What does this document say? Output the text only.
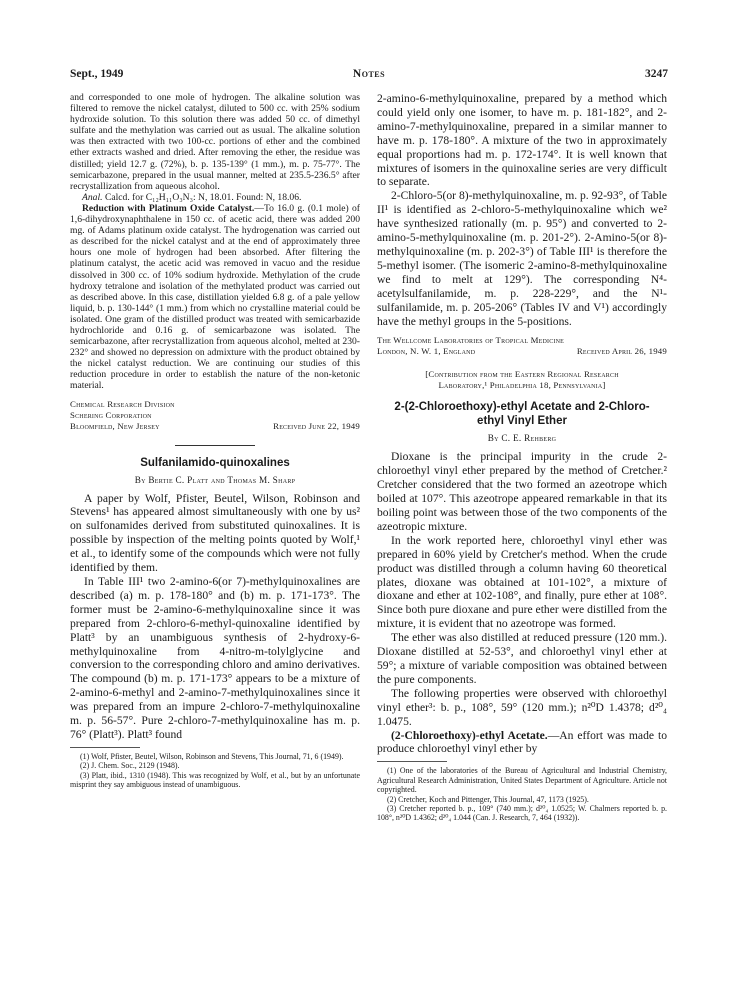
Sept., 1949	Notes	3247

and corresponded to one mole of hydrogen. The alkaline solution was filtered to remove the nickel catalyst, diluted to 500 cc. with 25% sodium hydroxide solution. To this solution there was added 50 cc. of dimethyl sulfate and the methylation was carried out as usual. The alkaline solution was then extracted with two 100-cc. portions of ether and the combined ether extracts washed and dried. After removing the ether, the residue was distilled; yield 12.7 g. (72%), b. p. 135-139° (1 mm.), m. p. 75-77°. The semicarbazone, prepared in the usual manner, melted at 235.5-236.5° after recrystallization from aqueous alcohol.

Anal. Calcd. for C₁₂H₁₁O₃N₃: N, 18.01. Found: N, 18.06.

Reduction with Platinum Oxide Catalyst.—To 16.0 g. (0.1 mole) of 1,6-dihydroxynaphthalene in 150 cc. of acetic acid, there was added 200 mg. of Adams platinum oxide catalyst. The hydrogenation was carried out as described for the nickel catalyst and at the end of approximately three hours one mole of hydrogen had been absorbed. After filtering the platinum catalyst, the acetic acid was removed in vacuo and the residue dissolved in 300 cc. of 10% sodium hydroxide. Methylation of the crude hydroxy tetralone and isolation of the methylated product was carried out as described above. In this case, distillation yielded 6.8 g. of a pale yellow liquid, b. p. 130-144° (1 mm.) from which no crystalline material could be isolated. One gram of the distilled product was treated with semicarbazide hydrochloride and 0.16 g. of semicarbazone was isolated. The semicarbazone, after recrystallization from aqueous alcohol, melted at 230-232° and showed no depression on admixture with the product obtained by the nickel catalyst reduction. We are continuing our studies of this reduction procedure in order to establish the nature of the non-ketonic material.

Chemical Research Division
Schering Corporation
Bloomfield, New Jersey	Received June 22, 1949
Sulfanilamido-quinoxalines
By Bertie C. Platt and Thomas M. Sharp

A paper by Wolf, Pfister, Beutel, Wilson, Robinson and Stevens¹ has appeared almost simultaneously with one by us² on sulfonamides derived from substituted quinoxalines. It is possible by inspection of the melting points quoted by Wolf,¹ et al., to identify some of the compounds which were not fully identified by them.

In Table III¹ two 2-amino-6(or 7)-methylquinoxalines are described (a) m. p. 178-180° and (b) m. p. 171-173°. The former must be 2-amino-6-methylquinoxaline since it was prepared from 2-chloro-6-methyl-quinoxaline identified by Platt³ by an unambiguous synthesis of 2-hydroxy-6-methylquinoxaline from 4-nitro-m-tolylglycine and conversion to the corresponding chloro and amino derivatives. The compound (b) m. p. 171-173° appears to be a mixture of 2-amino-6-methyl and 2-amino-7-methylquinoxalines since it was prepared from an impure 2-chloro-7-methylquinoxaline m. p. 56-57°. Pure 2-chloro-7-methylquinoxaline has m. p. 76° (Platt³). Platt³ found

(1) Wolf, Pfister, Beutel, Wilson, Robinson and Stevens, This Journal, 71, 6 (1949).

(2) J. Chem. Soc., 2129 (1948).

(3) Platt, ibid., 1310 (1948). This was recognized by Wolf, et al., but by an unfortunate misprint they say ambiguous instead of unambiguous.

2-amino-6-methylquinoxaline, prepared by a method which could yield only one isomer, to have m. p. 181-182°, and 2-amino-7-methylquinoxaline, prepared in a similar manner to have m. p. 178-180°. A mixture of the two in approximately equal proportions had m. p. 172-174°. It is well known that mixtures of isomers in the quinoxaline series are very difficult to separate.

2-Chloro-5(or 8)-methylquinoxaline, m. p. 92-93°, of Table II¹ is identified as 2-chloro-5-methylquinoxaline which we² have synthesized rationally (m. p. 95°) and converted to 2-amino-5-methylquinoxaline (m. p. 201-2°). 2-Amino-5(or 8)-methylquinoxaline (m. p. 202-3°) of Table III¹ is therefore the 5-methyl isomer. (The isomeric 2-amino-8-methylquinoxaline we find to melt at 129°). The corresponding N⁴-acetylsulfanilamide, m. p. 228-229°, and the N¹-sulfanilamide, m. p. 205-206° (Tables IV and V¹) accordingly have the methyl groups in the 5-positions.

The Wellcome Laboratories of Tropical Medicine
London, N. W. 1, England	Received April 26, 1949
[Contribution from the Eastern Regional Research
Laboratory,¹ Philadelphia 18, Pennsylvania]
2-(2-Chloroethoxy)-ethyl Acetate and 2-Chloro-
ethyl Vinyl Ether
By C. E. Rehberg

Dioxane is the principal impurity in the crude 2-chloroethyl vinyl ether prepared by the method of Cretcher.² Cretcher considered that the two formed an azeotrope which boiled at 107°. This azeotrope appeared remarkable in that its boiling point was between those of the two components of the azeotropic mixture.

In the work reported here, chloroethyl vinyl ether was prepared in 60% yield by Cretcher's method. When the crude product was distilled through a column having 60 theoretical plates, dioxane was obtained at 101-102°, a mixture of dioxane and ether at 102-108°, and finally, pure ether at 108°. Since both pure dioxane and pure ether were distilled from the mixture, it is evident that no azeotrope was formed.

The ether was also distilled at reduced pressure (120 mm.). Dioxane distilled at 52-53°, and chloroethyl vinyl ether at 59°; a mixture of variable composition was obtained between the pure components.

The following properties were observed with chloroethyl vinyl ether³: b. p., 108°, 59° (120 mm.); n²⁰D 1.4378; d²⁰₄ 1.0475.

(2-Chloroethoxy)-ethyl Acetate.—An effort was made to produce chloroethyl vinyl ether by

(1) One of the laboratories of the Bureau of Agricultural and Industrial Chemistry, Agricultural Research Administration, United States Department of Agriculture. Article not copyrighted.

(2) Cretcher, Koch and Pittenger, This Journal, 47, 1173 (1925).

(3) Cretcher reported b. p., 109° (740 mm.); d²⁰₄ 1.0525; W. Chalmers reported b. p. 108°, n²⁰D 1.4362; d²⁰₄ 1.044 (Can. J. Research, 7, 464 (1932)).
